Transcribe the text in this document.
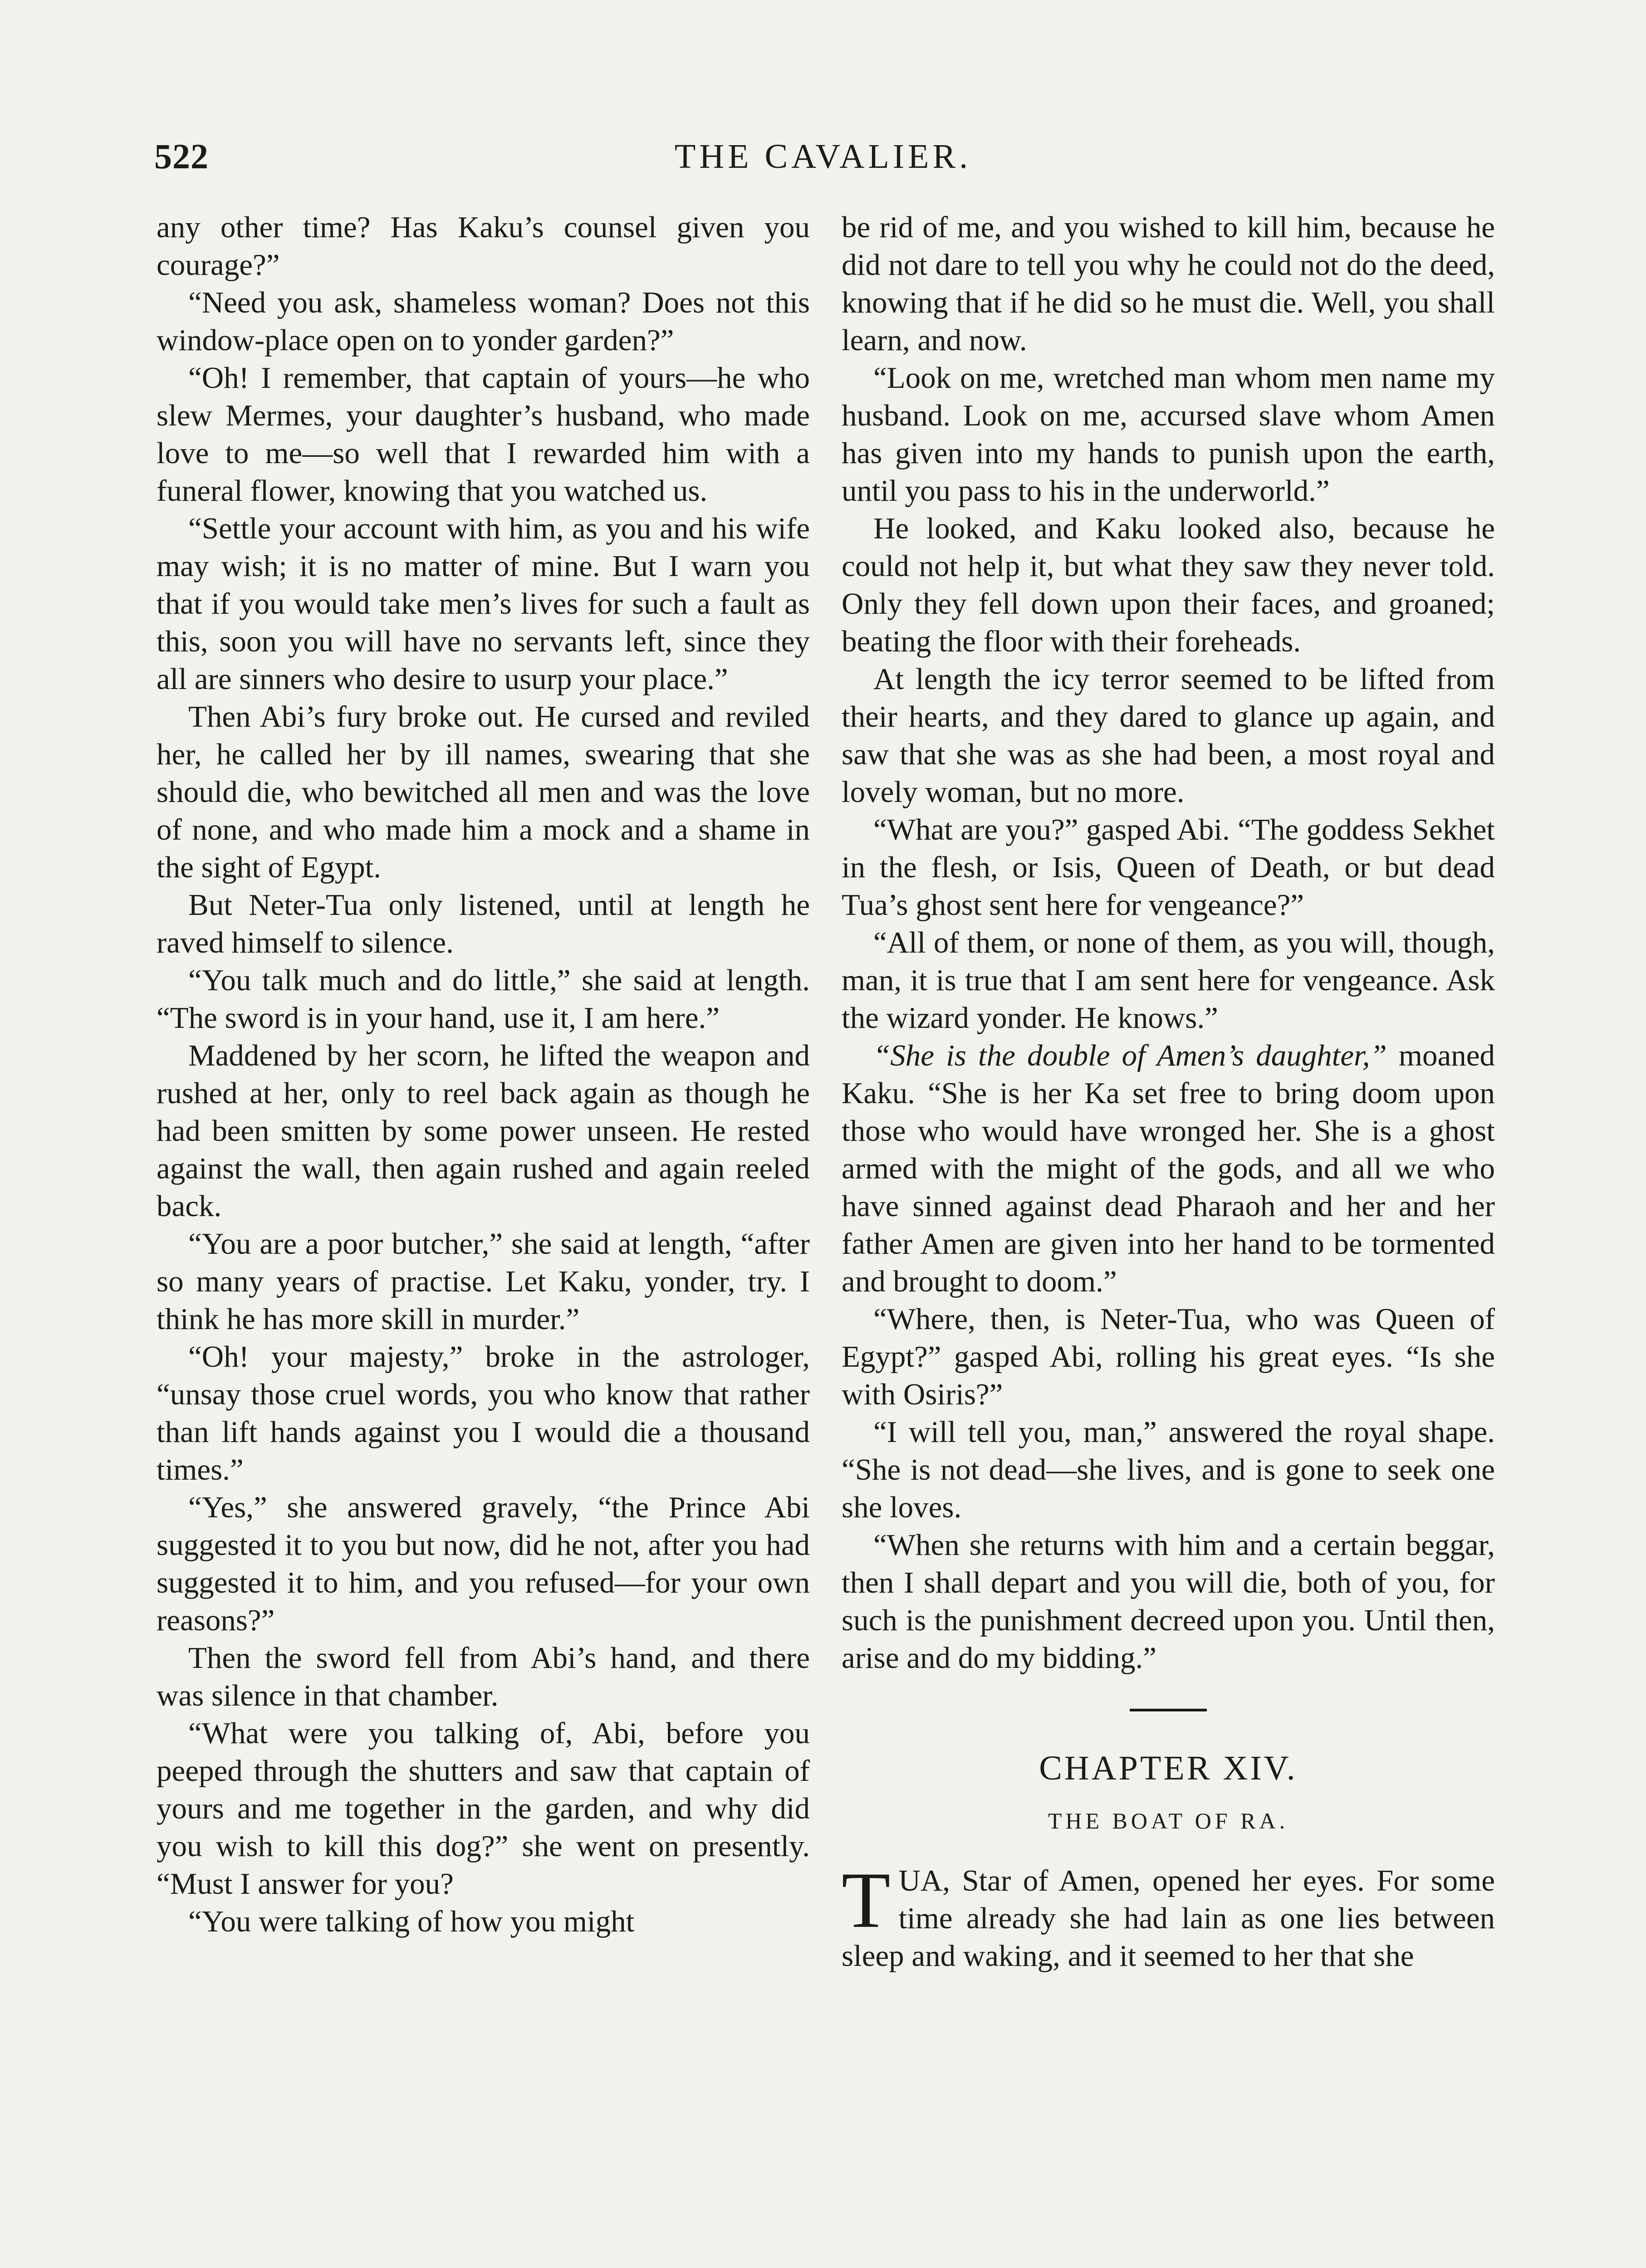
522	THE CAVALIER.

any other time? Has Kaku’s counsel given you courage?”

“Need you ask, shameless woman? Does not this window-place open on to yonder garden?”

“Oh! I remember, that captain of yours—he who slew Mermes, your daughter’s husband, who made love to me—so well that I rewarded him with a funeral flower, knowing that you watched us.

“Settle your account with him, as you and his wife may wish; it is no matter of mine. But I warn you that if you would take men’s lives for such a fault as this, soon you will have no servants left, since they all are sinners who desire to usurp your place.”

Then Abi’s fury broke out. He cursed and reviled her, he called her by ill names, swearing that she should die, who bewitched all men and was the love of none, and who made him a mock and a shame in the sight of Egypt.

But Neter-Tua only listened, until at length he raved himself to silence.

“You talk much and do little,” she said at length. “The sword is in your hand, use it, I am here.”

Maddened by her scorn, he lifted the weapon and rushed at her, only to reel back again as though he had been smitten by some power unseen. He rested against the wall, then again rushed and again reeled back.

“You are a poor butcher,” she said at length, “after so many years of practise. Let Kaku, yonder, try. I think he has more skill in murder.”

“Oh! your majesty,” broke in the astrologer, “unsay those cruel words, you who know that rather than lift hands against you I would die a thousand times.”

“Yes,” she answered gravely, “the Prince Abi suggested it to you but now, did he not, after you had suggested it to him, and you refused—for your own reasons?”

Then the sword fell from Abi’s hand, and there was silence in that chamber.

“What were you talking of, Abi, before you peeped through the shutters and saw that captain of yours and me together in the garden, and why did you wish to kill this dog?” she went on presently. “Must I answer for you?

“You were talking of how you might

be rid of me, and you wished to kill him, because he did not dare to tell you why he could not do the deed, knowing that if he did so he must die. Well, you shall learn, and now.

“Look on me, wretched man whom men name my husband. Look on me, accursed slave whom Amen has given into my hands to punish upon the earth, until you pass to his in the underworld.”

He looked, and Kaku looked also, because he could not help it, but what they saw they never told. Only they fell down upon their faces, and groaned; beating the floor with their foreheads.

At length the icy terror seemed to be lifted from their hearts, and they dared to glance up again, and saw that she was as she had been, a most royal and lovely woman, but no more.

“What are you?” gasped Abi. “The goddess Sekhet in the flesh, or Isis, Queen of Death, or but dead Tua’s ghost sent here for vengeance?”

“All of them, or none of them, as you will, though, man, it is true that I am sent here for vengeance. Ask the wizard yonder. He knows.”

“She is the double of Amen’s daughter,” moaned Kaku. “She is her Ka set free to bring doom upon those who would have wronged her. She is a ghost armed with the might of the gods, and all we who have sinned against dead Pharaoh and her and her father Amen are given into her hand to be tormented and brought to doom.”

“Where, then, is Neter-Tua, who was Queen of Egypt?” gasped Abi, rolling his great eyes. “Is she with Osiris?”

“I will tell you, man,” answered the royal shape. “She is not dead—she lives, and is gone to seek one she loves.

“When she returns with him and a certain beggar, then I shall depart and you will die, both of you, for such is the punishment decreed upon you. Until then, arise and do my bidding.”

CHAPTER XIV.
THE BOAT OF RA.

TUA, Star of Amen, opened her eyes. For some time already she had lain as one lies between sleep and waking, and it seemed to her that she
